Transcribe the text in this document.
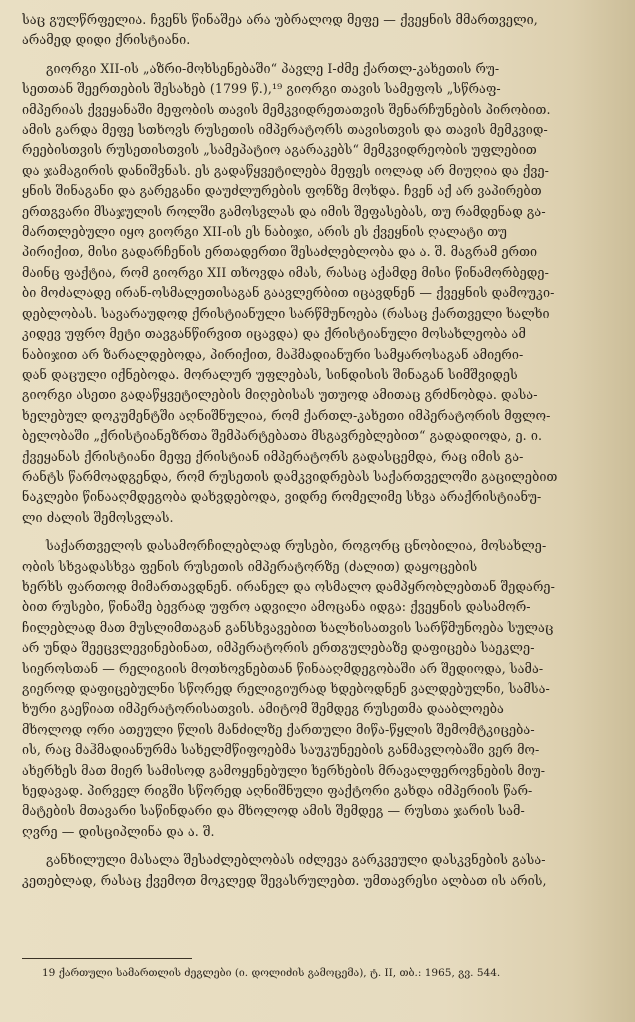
საც გულწრფელია. ჩვენს წინაშეა არა უბრალოდ მეფე — ქვეყნის მმართველი,
არამედ დიდი ქრისტიანი.
გიორგი XII-ის „აზრი-მოხსენებაში“ პავლე I-ძმე ქართლ-კახეთის რუ-
სეთთან შეერთების შესახებ (1799 წ.),¹⁹ გიორგი თავის სამეფოს „სწრაფ-
იმპერიას ქვეყანაში მეფობის თავის მემკვიდრეთათვის შენარჩუნების პირობით.
ამის გარდა მეფე სთხოვს რუსეთის იმპერატორს თავისთვის და თავის მემკვიდ-
რეებისთვის რუსეთისთვის „სამეპატიო აგარაკებს“ მემკვიდრეობის უფლებით
და ჯამაგირის დანიშვნას. ეს გადაწყვეტილება მეფეს იოლად არ მიუღია და ქვე-
ყნის შინაგანი და გარეგანი დაუძლურების ფონზე მოხდა. ჩვენ აქ არ ვაპირებთ
ერთგვარი მსაჯულის როლში გამოსვლას და იმის შეფასებას, თუ რამდენად გა-
მართლებული იყო გიორგი XII-ის ეს ნაბიჯი, არის ეს ქვეყნის ღალატი თუ
პირიქით, მისი გადარჩენის ერთადერთი შესაძლებლობა და ა. შ. მაგრამ ერთი
მაინც ფაქტია, რომ გიორგი XII თხოვდა იმას, რასაც აქამდე მისი წინამორბედე-
ბი მოძალადე ირან-ოსმალეთისაგან გაავლერბით იცავდნენ — ქვეყნის დამოუკი-
დებლობას. სავარაუდოდ ქრისტიანული სარწმუნოება (რასაც ქართველი ხალხი
კიდევ უფრო მეტი თავგანწირვით იცავდა) და ქრისტიანული მოსახლეობა ამ
ნაბიჯით არ ზარალდებოდა, პირიქით, მაჰმადიანური სამყაროსაგან ამიერი-
დან დაცული იქნებოდა. მორალურ უფლებას, სინდისის შინაგან სიმშვიდეს
გიორგი ასეთი გადაწყვეტილების მიღებისას უთუოდ ამითაც გრძნობდა. დასა-
ხელებულ დოკუმენტში აღნიშნულია, რომ ქართლ-კახეთი იმპერატორის მფლო-
ბელობაში „ქრისტიანეზრთა შემპარტებათა მსგავრებლებით“ გადადიოდა, ე. ი.
ქვეყანას ქრისტიანი მეფე ქრისტიან იმპერატორს გადასცემდა, რაც იმის გა-
რანტს წარმოადგენდა, რომ რუსეთის დამკვიდრებას საქართველოში გაცილებით
ნაკლები წინააღმდეგობა დახვდებოდა, ვიდრე რომელიმე სხვა არაქრისტიანუ-
ლი ძალის შემოსვლას.
საქართველოს დასამორჩილებლად რუსები, როგორც ცნობილია, მოსახლე-
ობის სხვადასხვა ფენის რუსეთის იმპერატორზე (ძალით) დაყოცების
ხერხს ფართოდ მიმართავდნენ. ირანელ და ოსმალო დამპყრობლებთან შედარე-
ბით რუსები, წინაშე ბევრად უფრო ადვილი ამოცანა იდგა: ქვეყნის დასამორ-
ჩილებლად მათ მუსლიმთაგან განსხვავებით ხალხისათვის სარწმუნოება სულაც
არ უნდა შეეცვლევინებინათ, იმპერატორის ერთგულებაზე დაფიცება საეკლე-
სიეროსთან — რელიგიის მოთხოვნებთან წინააღმდეგობაში არ შედიოდა, სამა-
გიეროდ დაფიცებულნი სწორედ რელიგიურად ხდებოდნენ ვალდებულნი, სამსა-
ხური გაეწიათ იმპერატორისათვის. ამიტომ შემდეგ რუსეთმა დააბლოება
მხოლოდ ორი ათეული წლის მანძილზე ქართული მიწა-წყლის შემომტკიცება-
ის, რაც მაჰმადიანურმა სახელმწიფოებმა საუკუნეების განმავლობაში ვერ მო-
ახერხეს მათ მიერ სამისოდ გამოყენებული ხერხების მრავალფეროვნების მიუ-
ხედავად. პირველ რიგში სწორედ აღნიშნული ფაქტორი გახდა იმპერიის წარ-
მატების მთავარი საწინდარი და მხოლოდ ამის შემდეგ — რუსთა ჯარის სამ-
ღვრე — დისციპლინა და ა. შ.
განხილული მასალა შესაძლებლობას იძლევა გარკვეული დასკვნების გასა-
კეთებლად, რასაც ქვემოთ მოკლედ შევასრულებთ. უმთავრესი ალბათ ის არის,
19 ქართული სამართლის ძეგლები (ი. დოლიძის გამოცემა), ტ. II, თბ.: 1965, გვ. 544.
